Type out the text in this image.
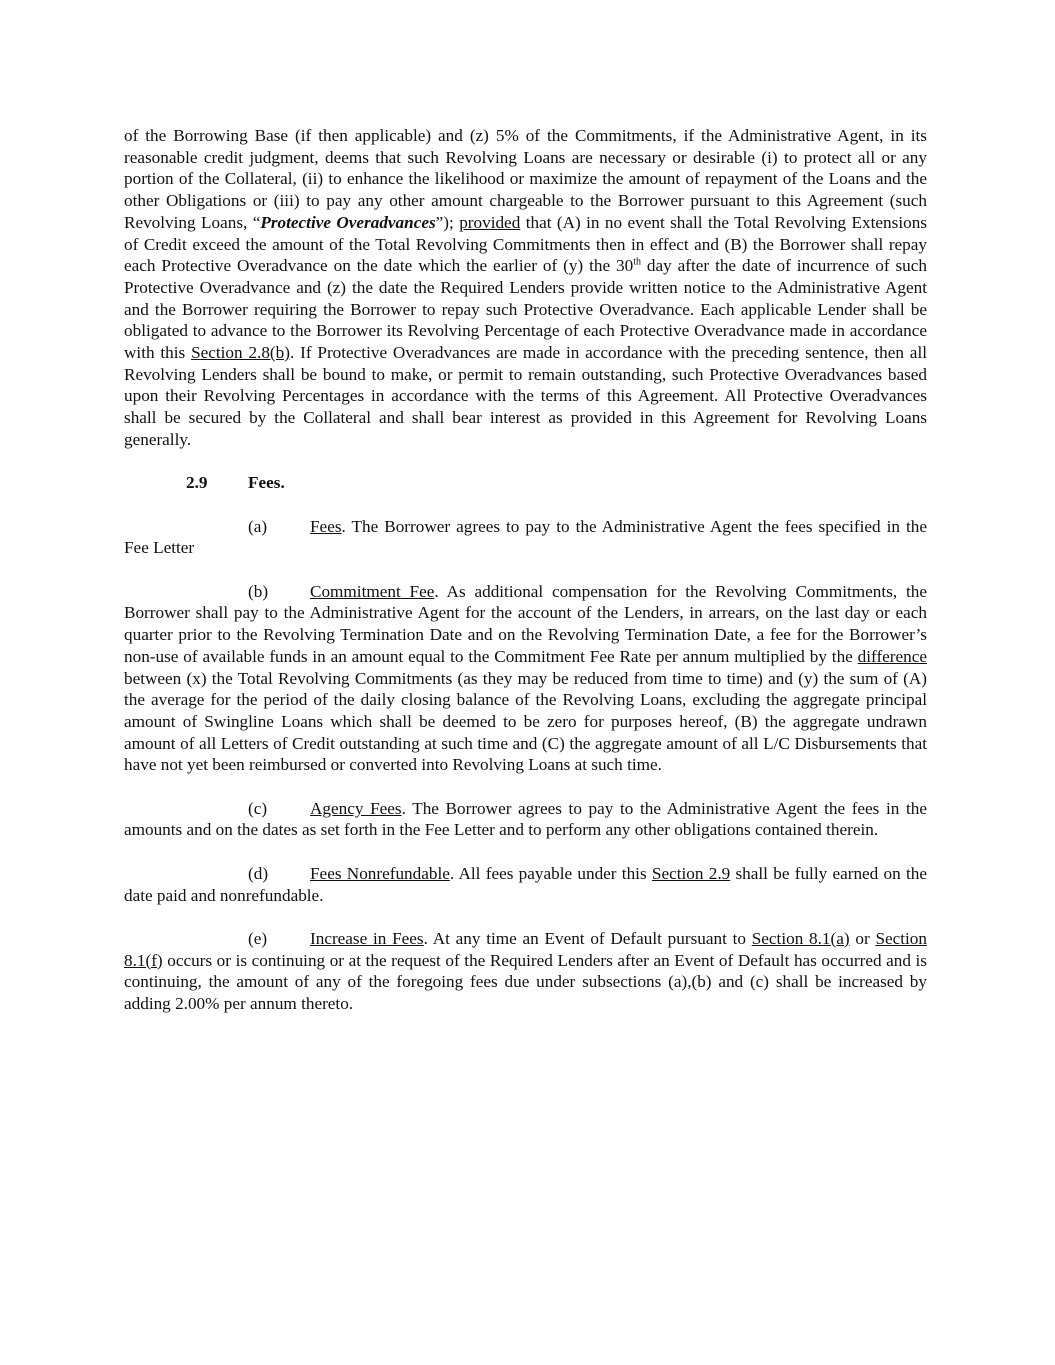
of the Borrowing Base (if then applicable) and (z) 5% of the Commitments, if the Administrative Agent, in its reasonable credit judgment, deems that such Revolving Loans are necessary or desirable (i) to protect all or any portion of the Collateral, (ii) to enhance the likelihood or maximize the amount of repayment of the Loans and the other Obligations or (iii) to pay any other amount chargeable to the Borrower pursuant to this Agreement (such Revolving Loans, “Protective Overadvances”); provided that (A) in no event shall the Total Revolving Extensions of Credit exceed the amount of the Total Revolving Commitments then in effect and (B) the Borrower shall repay each Protective Overadvance on the date which the earlier of (y) the 30th day after the date of incurrence of such Protective Overadvance and (z) the date the Required Lenders provide written notice to the Administrative Agent and the Borrower requiring the Borrower to repay such Protective Overadvance. Each applicable Lender shall be obligated to advance to the Borrower its Revolving Percentage of each Protective Overadvance made in accordance with this Section 2.8(b). If Protective Overadvances are made in accordance with the preceding sentence, then all Revolving Lenders shall be bound to make, or permit to remain outstanding, such Protective Overadvances based upon their Revolving Percentages in accordance with the terms of this Agreement. All Protective Overadvances shall be secured by the Collateral and shall bear interest as provided in this Agreement for Revolving Loans generally.

2.9 Fees.

(a) Fees. The Borrower agrees to pay to the Administrative Agent the fees specified in the Fee Letter

(b) Commitment Fee. As additional compensation for the Revolving Commitments, the Borrower shall pay to the Administrative Agent for the account of the Lenders, in arrears, on the last day or each quarter prior to the Revolving Termination Date and on the Revolving Termination Date, a fee for the Borrower’s non-use of available funds in an amount equal to the Commitment Fee Rate per annum multiplied by the difference between (x) the Total Revolving Commitments (as they may be reduced from time to time) and (y) the sum of (A) the average for the period of the daily closing balance of the Revolving Loans, excluding the aggregate principal amount of Swingline Loans which shall be deemed to be zero for purposes hereof, (B) the aggregate undrawn amount of all Letters of Credit outstanding at such time and (C) the aggregate amount of all L/C Disbursements that have not yet been reimbursed or converted into Revolving Loans at such time.

(c) Agency Fees. The Borrower agrees to pay to the Administrative Agent the fees in the amounts and on the dates as set forth in the Fee Letter and to perform any other obligations contained therein.

(d) Fees Nonrefundable. All fees payable under this Section 2.9 shall be fully earned on the date paid and nonrefundable.

(e) Increase in Fees. At any time an Event of Default pursuant to Section 8.1(a) or Section 8.1(f) occurs or is continuing or at the request of the Required Lenders after an Event of Default has occurred and is continuing, the amount of any of the foregoing fees due under subsections (a),(b) and (c) shall be increased by adding 2.00% per annum thereto.
